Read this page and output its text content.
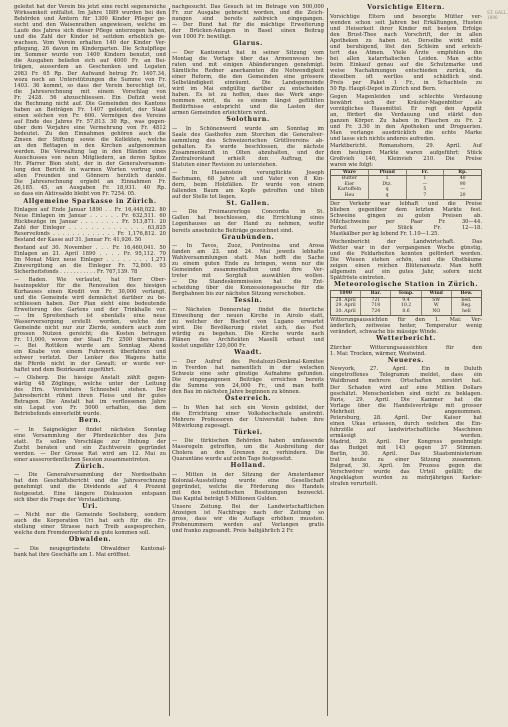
geleitet hat der Verein bis jetzt eine recht segensreiche
Wirksamkeit entfaltet. Im Jahre 1889 wurden bei den
Behörden und Ämtern für 1300 Kinder Pfleger ge-
sucht und den Waisenrathen angewiesen, welche im
Laufe des Jahres sich dieser Pflege unterzogen haben,
und die Zahl der Kinder ist seitdem erheblich ge-
wachsen. Vom Verein erhalten 140 der Kinder Ver-
pflegung, 26 davon im Kindergarten. Die Schulpflege
im Sommer wurde von 1400 Kindern benutzt, und
die Ausgaben beliefen sich auf 4000 Fr. an Bei-
trägen, ausserdem an Geschenken und Legaten
2983 Fr. 65 Rp. Der Aufwand betrug Fr. 1407.34,
wozu noch an Unterstützungen die Summe von Fr.
1403. 36 kommt, so dass der Verein berechtigt ist,
die Jahresrechnung mit einem Vorschlag von
Fr. 2428. 56 abzuschliessen. Ein Defizit weist
die Rechnung nicht auf. Die Gemeinden des Kantons
haben an Beiträgen Fr. 1407 geleistet, der Staat
einen solchen von Fr. 600. Vermögen des Vereins
auf Ende des Jahres Fr. 57,813. 30 Rp., was gegen-
über dem Vorjahre eine Vermehrung von Fr. 4812
bedeutet. Zu den Einnahmen gehören auch die
Zinsen der Stiftung sowie die Kollekten, welche
an den Bettagen in den Kirchen aufgenommen
werden. Die Verwaltung lag in den Händen eines
Ausschusses von neun Mitgliedern, an deren Spitze
Hr. Pfarrer Bion steht, der in der Generalversamm-
lung den Bericht in warmen Worten vortrug und
allen Freunden und Gönnern herzlich dankte.
Die Jahresrechnung ergiebt an Einnahmen Fr.
26,185. 45, an Ausgaben Fr. 18,931. 40 Rp.
so dass ein Aktivsaldo bleibt von Fr. 7254. 05.
Allgemeine Sparkasse in Zürich.
Einlagen auf Ende Januar 1890 . . Fr. 16,448,022. 80
Neue Einlagen im Januar . . . . . . Fr. 632,511. 60
Rückbezüge im Januar . . . . . . . . Fr. 513,871. 20
Zahl der Einleger . . . . . . . . . . . . . . 63,825
Reservefonds . . . . . . . . . . . . . Fr. 1,176,812. 20
Bestand der Kasse auf 31. Januar Fr. 41,926. 50
Bestand auf 30. November . . . Fr. 16,460,041. 50
Einlagen an 21. April 1890 . . . . Fr. 95,112. 70
Im Monat März neue Einleger . . . . . . . . 1,271
Zinsvergütung an die Einleger Fr. 72,800. 93
Sicherheitsfonds . . . . . . . . . . . Fr. 767,139. 78
— Baden. Wie verlautet, hat Herr Ober-
bauinspektor für die Renovation des hiesigen
Kurhauses einen Kredit von Fr. 30,000 verlangt,
und die Gemeinde wird demnächst darüber zu be-
schliessen haben. Der Plan sieht eine bedeutende
Erweiterung des Gartens und der Trinkhalle vor.
— Im Spreitenbach ist ebenfalls eine neue
Wasserversorgung erstellt worden, welche der
Gemeinde nicht nur zur Zierde, sondern auch zum
grossen Nutzen gereicht; die Kosten betrugen
Fr. 11,000, wovon der Staat Fr. 2500 übernahm.
— Bei Rottikon wurde am Sonntag Abend
ein Knabe von einem Fuhrwerk überfahren und
schwer verletzt. Der Lenker des Wagens hatte
die Pferde nicht in der Gewalt; er wurde ver-
haftet und dem Bezirksamt zugeführt.
— Olsberg. Die hiesige Anstalt zählt gegen-
wärtig 48 Zöglinge, welche unter der Leitung
des Hrn. Vorstehers Schneebeli stehen. Der
Jahresbericht rühmt ihren Fleiss und ihr gutes
Betragen. Die Anstalt hat im verflossenen Jahre
ein Legat von Fr. 5000 erhalten, das dem
Betriebsfonds einverleibt wurde.
Bern.
— In Saignelégier findet nächsten Sonntag
eine Versammlung der Pferdezüchter des Jura
statt. Es sollen Vorschläge zur Hebung der
Zucht beraten und ein Zuchtverein gegründet
werden. — Der Grosse Rat wird am 12. Mai zu
einer ausserordentlichen Session zusammentreten.
Zürich.
— Die Generalversammlung der Nordostbahn
hat den Geschäftsbericht und die Jahresrechnung
genehmigt und die Dividende auf 4 Prozent
festgesetzt. Eine längere Diskussion entspann
sich über die Frage der Verstaatlichung.
Uri.
— Nicht nur die Gemeinde Seelisberg, sondern
auch die Korporation Uri hat sich für die Er-
stellung einer Strasse nach Treib ausgesprochen,
welche dem Fremdenverkehr zu gute kommen soll.
Obwalden.
— Die neugegründete Obwaldner Kantonal-
bank hat ihre Geschäfte am 1. Mai eröffnet.
nachgesucht. Das Gesuch ist im Betrage von 500,000
Fr. zur Ausgabe gebracht worden, und die Zeich-
nungen sind bereits zahlreich eingegangen.
— Der Bund hat für die mächtige Erweiterung
der Brücken-Anlagen in Basel einen Beitrag
von 1000 Fr. bewilligt.
Glarus.
— Der Kantonsrat hat in seiner Sitzung vom
Montag die Vorlage über das Armenwesen be-
raten und mit einigen Abänderungen genehmigt.
Sämtliche Redner anerkannten die Notwendigkeit
einer Reform, die den Gemeinden eine grössere
Selbständigkeit einräumt. Die Landsgemeinde
wird im Mai endgültig darüber zu entscheiden
haben. Es ist zu hoffen, dass das Werk ange-
nommen wird, da es einem längst gefühlten
Bedürfnisse entspricht und die Lasten der
armen Gemeinden erleichtern wird.
Solothurn.
— In Schönenwerd wurde am Sonntag im
Saale des Gasthofes zum Storchen die Generalver-
sammlung des Schweizerischen Grütlivereins ab-
gehalten. Es wurde beschlossen, die nächste
Zusammenkunft in Olten abzuhalten, und der
Zentralvorstand erhielt den Auftrag, die
Statuten einer Revision zu unterziehen.
— In Hauenstein verunglückte Joseph
Bachmann, 68 Jahre alt und Vater von 8 Kin-
dern, beim Holzfällen. Er wurde von einem
fallenden Baum am Kopfe getroffen und blieb
auf der Stelle tot liegen.
St. Gallen.
— Die Freimaurerloge Concordia in St.
Gallen hat beschlossen, die Errichtung eines
Logenhauses an der Hand zu nehmen, wofür
bereits ansehnliche Beiträge gezeichnet sind.
Graubünden.
— In Tavos, Zuoz, Pontresina und Arosa
fanden am 23. und 24. Mai jeweils lebhafte
Wahlversammlungen statt. Man hofft die Sache
zu einem guten Ende zu bringen, wenn nur die
Gemeinden zusammenhalten und ihre Ver-
treter mit Sorgfalt auswählen wollen.
— Die Standeskommission hat die Ent-
scheidung über die Konzessionsgesuche für die
Bergbahnen bis zur nächsten Sitzung verschoben.
Tessin.
— Nächsten Donnerstag findet die feierliche
Einweihung der neuen Kirche in Airolo statt,
zu welcher der Bischof von Lugano erwartet
wird. Die Bevölkerung rüstet sich, das Fest
würdig zu begehen. Die Kirche wurde nach
Plänen des Architekten Maselli erbaut und
kostet ungefähr 120,000 Fr.
Waadt.
— Der Aufruf des Pestalozzi-Denkmal-Komitee
in Yverdon hat namentlich in der welschen
Schweiz eine sehr günstige Aufnahme gefunden.
Die eingegangenen Beiträge erreichen bereits
die Summe von 24,000 Fr., und man hofft
den Bau im nächsten Jahre beginnen zu können.
Österreich.
— In Wien hat sich ein Verein gebildet, der
die Errichtung einer Volkshochschule anstrebt.
Mehrere Professoren der Universität haben ihre
Mitwirkung zugesagt.
Türkei.
— Die türkischen Behörden haben umfassende
Massregeln getroffen, um die Ausbreitung der
Cholera an den Grenzen zu verhindern. Die
Quarantäne wurde auf zehn Tage festgesetzt.
Holland.
— Mitten in der Sitzung der Amsterdamer
Kolonial-Ausstellung wurde eine Gesellschaft
gegründet, welche die Förderung des Handels
mit den ostindischen Besitzungen bezweckt.
Das Kapital beträgt 5 Millionen Gulden.
Unsere Zeitung. Bei der Landwirtschaftlichen
Anzeigen ist Nachfrage nach der Zeitung so
gross, dass wir die Auflage erhöhen mussten.
Probenummern werden auf Verlangen gratis
und franko zugesandt. Preis halbjährlich 2 Fr.
Vorsichtige Eltern.
Vorsichtige Eltern und besorgte Mütter ver-
wenden schon seit Jahren bei Erkältungen, Husten
und Heiserkeit ihrer Kinder mit bestem Erfolge
den Brust-Thee nach Vorschrift, der in allen
Apotheken zu haben ist. Derselbe wirkt mild
und beruhigend, löst den Schleim und erleich-
tert das Atmen. Viele Ärzte empfehlen ihn
bei allen katarrhalischen Leiden. Man achte
beim Einkauf genau auf die Schutzmarke und
weise Nachahmungen entschieden zurück, da
dieselben oft wertlos und schädlich sind.
Preis per Paket 1 Fr., in Schachteln zu
50 Rp. Haupt-Depot in Zürich und Bern.
Gegen Magenleiden und schlechte Verdauung
bewährt sich der Kräuter-Magenbitter als
vorzügliches Hausmittel. Er regt den Appetit
an, fördert die Verdauung und stärkt den
ganzen Körper. Zu haben in Flaschen zu Fr. 2
und Fr. 3.50 in den Apotheken und Droguerien.
Man verlange ausdrücklich die echte Marke
und lasse sich nichts anderes aufreden.
Marktbericht. Romanshorn, 29. April. Auf
dem heutigen Markte waren aufgeführt: Stück
Großvieh 146, Kleinvieh 210. Die Preise
waren wie folgt:
Ware	Pfund	Fr.	Rp.
Butter	1	1	40
Eier	Dtz.	—	90
Kartoffeln	q	5	—
Heu	q	7	20
Der Verkehr war lebhaft und die Preise
blieben gegenüber dem letzten Markte fest.
Schweine gingen zu guten Preisen ab.
Milchschweine per Paar Fr. 30—44.
Ferkel per Stück Fr. 12—18.
Mastkälber per kg lebend Fr. 1.10—1.25.
Wochenbericht der Landwirtschaft. Das
Wetter war in der vergangenen Woche günstig,
und die Feldarbeiten konnten gefördert werden.
Die Wiesen stehen schön, und die Obstbäume
zeigen einen reichen Blütenansatz. Man hofft
allgemein auf ein gutes Jahr, sofern nicht
Spätfröste eintreten.
Meteorologische Station in Zürich.
1890	Bar.	Temp.	Wind	Bew.
28. April	721	9.4	SW	bed.
29. April	718	10.2	W	Reg.
30. April	724	8.6	NO	hell
Witterungsaussichten für den 1. Mai: Ver-
änderlich, zeitweise heiter, Temperatur wenig
verändert, schwache bis mässige Winde.
Wetterbericht.
Zürcher Witterungsaussichten für den
1. Mai: Trocken, wärmer, Westwind.
Neueres.
Newyork, 27. April. Ein in Duluth
eingetroffenes Telegramm meldet, dass ein
Waldbrand mehrere Ortschaften zerstört hat.
Der Schaden wird auf eine Million Dollars
geschätzt. Menschenleben sind nicht zu beklagen.
Paris, 29. April. Die Kammer hat die
Vorlage über die Handelsverträge mit grosser
Mehrheit angenommen.
Petersburg, 28. April. Der Kaiser hat
einen Ukas erlassen, durch welchen die Ein-
fuhrzölle auf landwirtschaftliche Maschinen
ermässigt werden.
Madrid, 29. April. Der Kongress genehmigte
das Budget mit 143 gegen 37 Stimmen.
Berlin, 30. April. Das Staatsministerium
trat heute zu einer Sitzung zusammen.
Belgrad, 30. April. Im Prozess gegen die
Verschwörer wurde das Urteil gefällt; die
Angeklagten wurden zu mehrjährigen Kerker-
strafen verurteilt.
ST. GALL.
1890
